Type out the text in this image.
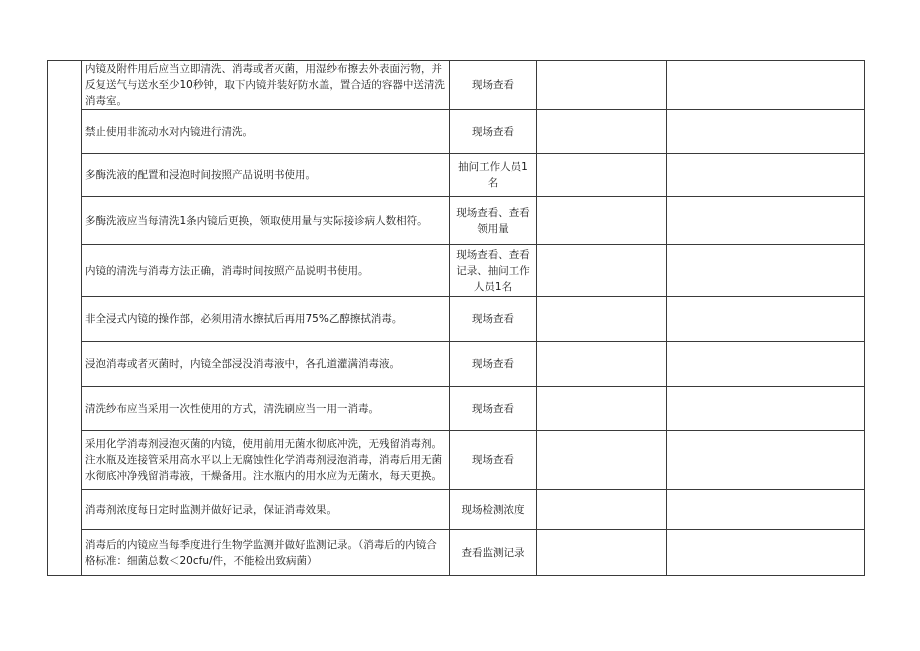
	内镜及附件用后应当立即清洗、消毒或者灭菌，用湿纱布擦去外表面污物，并反复送气与送水至少10秒钟，取下内镜并装好防水盖，置合适的容器中送清洗消毒室。	现场查看		
	禁止使用非流动水对内镜进行清洗。	现场查看		
	多酶洗液的配置和浸泡时间按照产品说明书使用。	抽问工作人员1名		
	多酶洗液应当每清洗1条内镜后更换，领取使用量与实际接诊病人数相符。	现场查看、查看领用量		
	内镜的清洗与消毒方法正确，消毒时间按照产品说明书使用。	现场查看、查看记录、抽问工作人员1名		
	非全浸式内镜的操作部，必须用清水擦拭后再用75%乙醇擦拭消毒。	现场查看		
	浸泡消毒或者灭菌时，内镜全部浸没消毒液中，各孔道灌满消毒液。	现场查看		
	清洗纱布应当采用一次性使用的方式，清洗刷应当一用一消毒。	现场查看		
	采用化学消毒剂浸泡灭菌的内镜，使用前用无菌水彻底冲洗，无残留消毒剂。注水瓶及连接管采用高水平以上无腐蚀性化学消毒剂浸泡消毒，消毒后用无菌水彻底冲净残留消毒液，干燥备用。注水瓶内的用水应为无菌水，每天更换。	现场查看		
	消毒剂浓度每日定时监测并做好记录，保证消毒效果。	现场检测浓度		
	消毒后的内镜应当每季度进行生物学监测并做好监测记录。（消毒后的内镜合格标准：细菌总数＜20cfu/件，不能检出致病菌）	查看监测记录		
